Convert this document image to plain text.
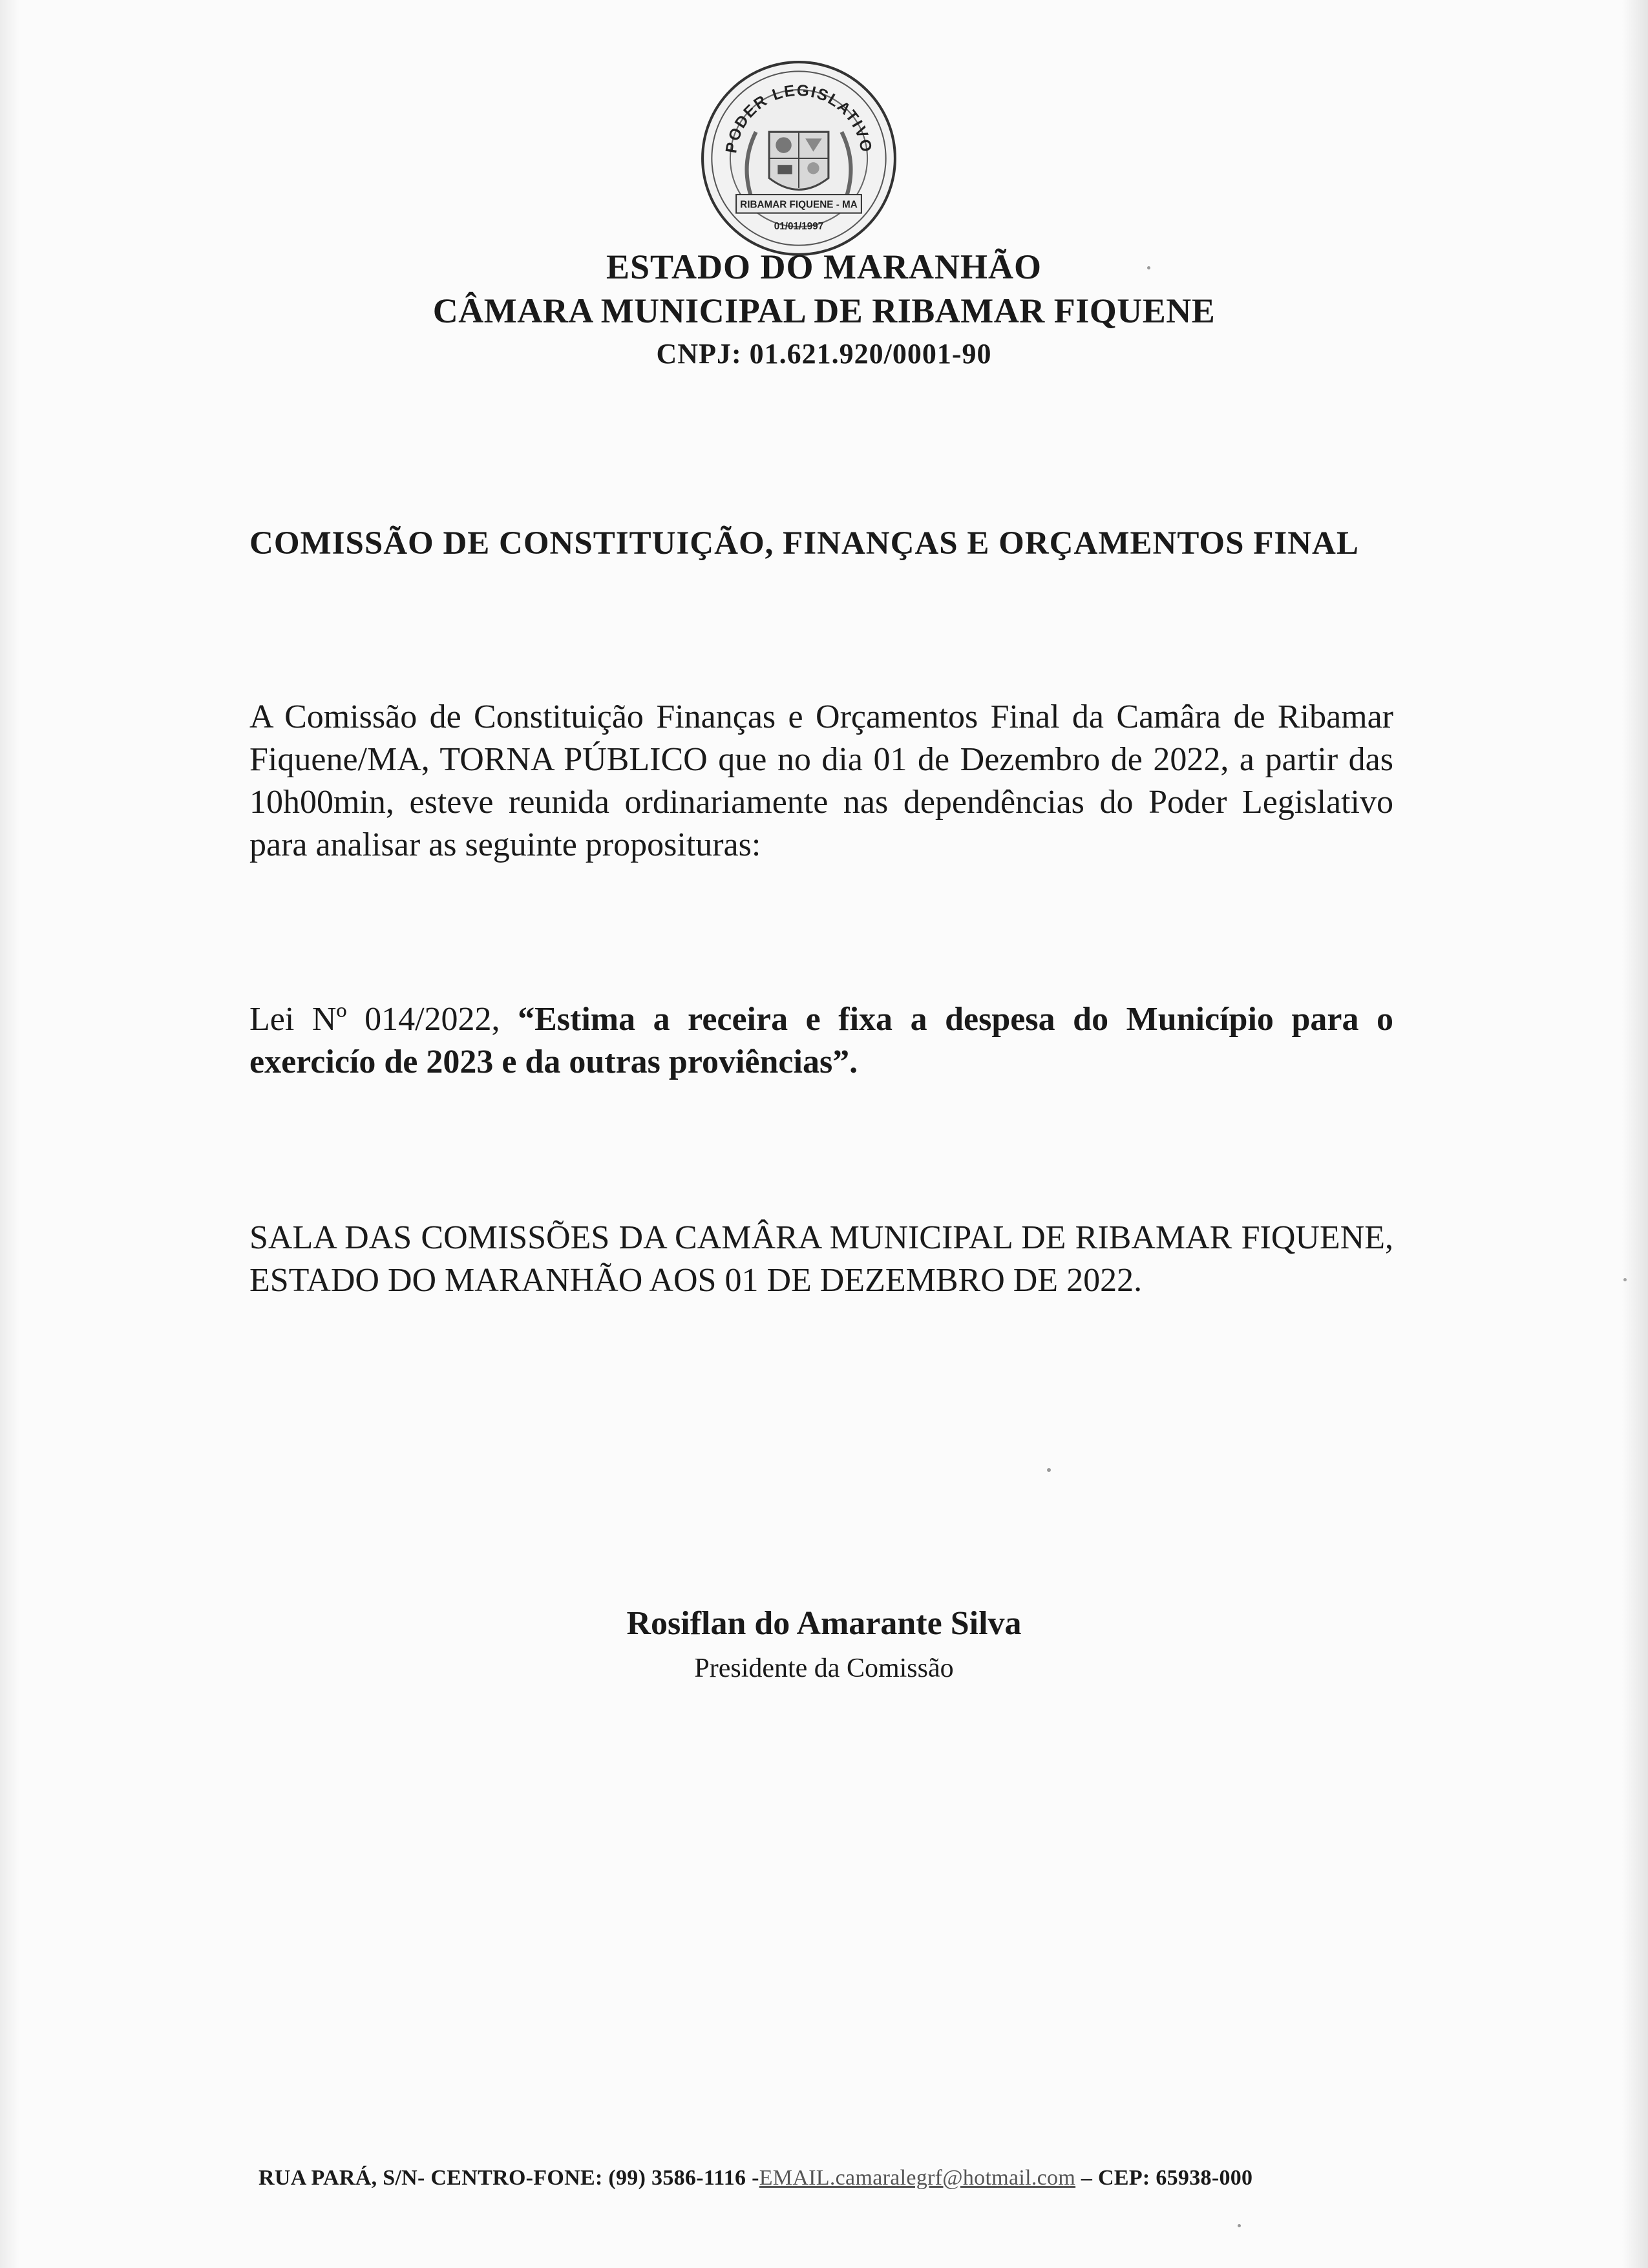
PODER LEGISLATIVO
RIBAMAR FIQUENE - MA
01/01/1997
ESTADO DO MARANHÃO
CÂMARA MUNICIPAL DE RIBAMAR FIQUENE
CNPJ: 01.621.920/0001-90
COMISSÃO DE CONSTITUIÇÃO, FINANÇAS E ORÇAMENTOS FINAL
A Comissão de Constituição Finanças e Orçamentos Final da Camâra de Ribamar Fiquene/MA, TORNA PÚBLICO que no dia 01 de Dezembro de 2022, a partir das 10h00min, esteve reunida ordinariamente nas dependências do Poder Legislativo para analisar as seguinte proposituras:
Lei Nº 014/2022, “Estima a receira e fixa a despesa do Município para o exercicío de 2023 e da outras proviências”.
SALA DAS COMISSÕES DA CAMÂRA MUNICIPAL DE RIBAMAR FIQUENE, ESTADO DO MARANHÃO AOS 01 DE DEZEMBRO DE 2022.
Rosiflan do Amarante Silva
Presidente da Comissão
RUA PARÁ, S/N- CENTRO-FONE: (99) 3586-1116 -EMAIL.camaralegrf@hotmail.com – CEP: 65938-000
